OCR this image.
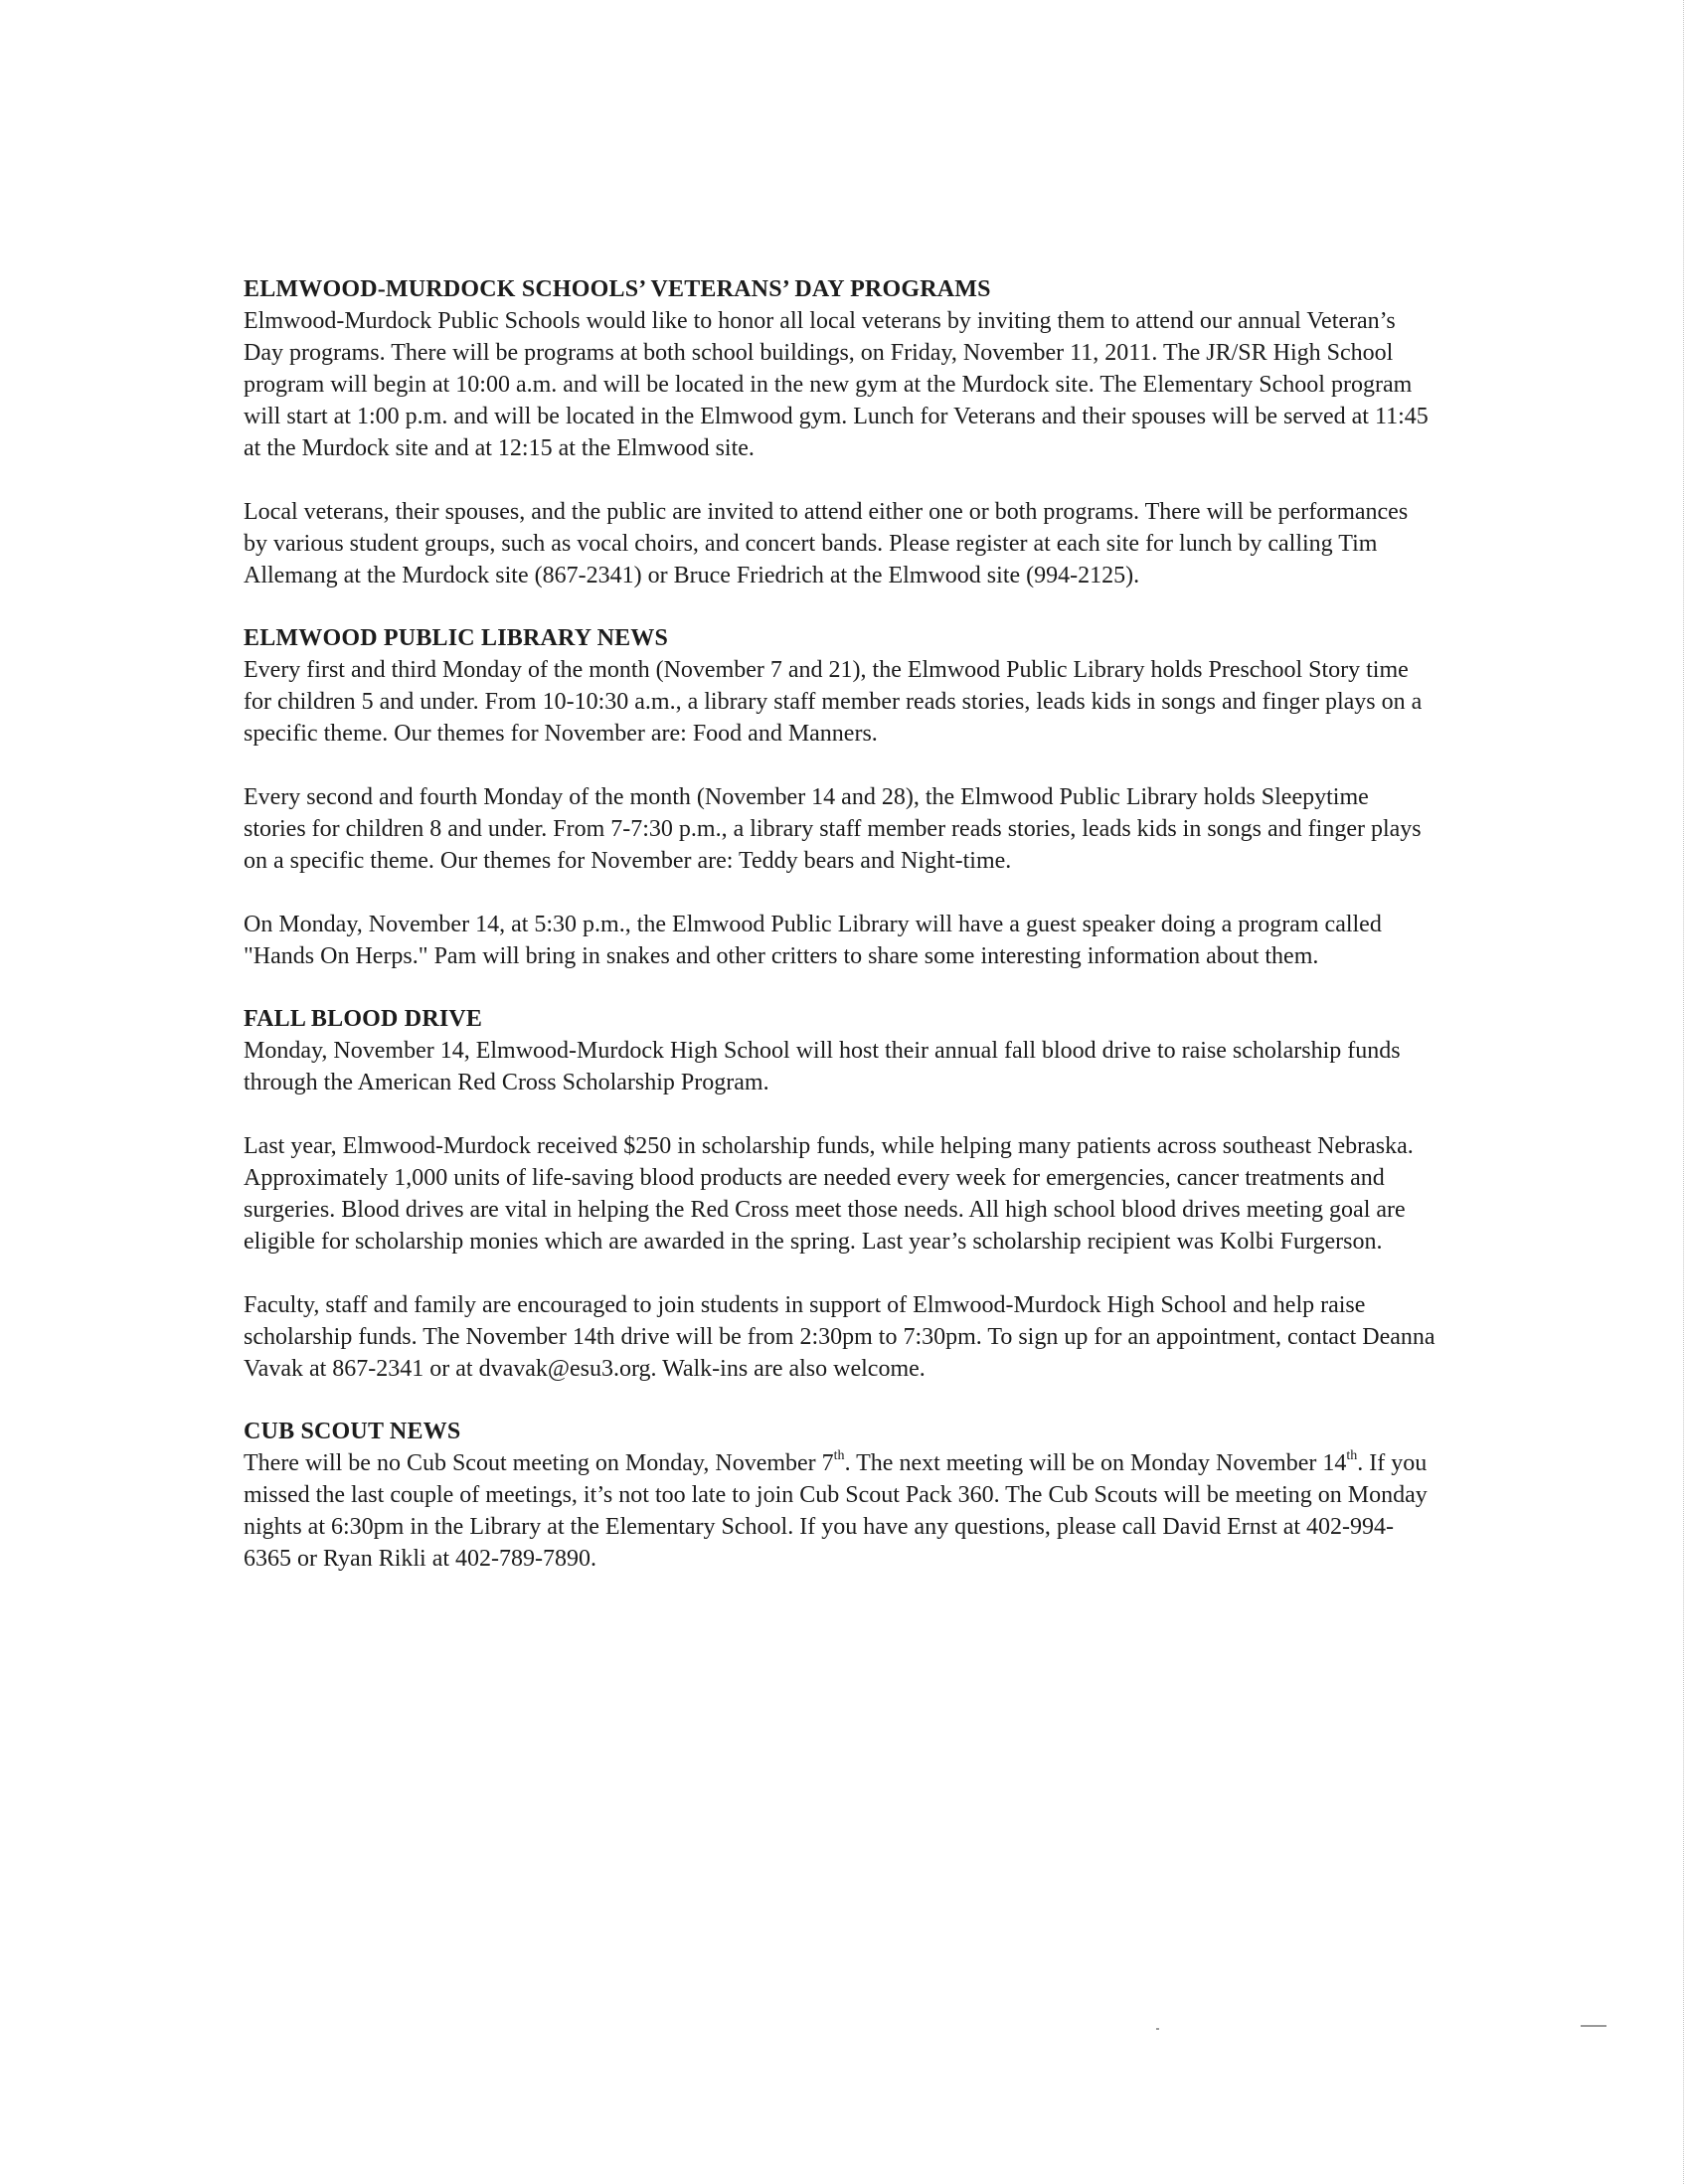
ELMWOOD-MURDOCK SCHOOLS’ VETERANS’ DAY PROGRAMS

Elmwood-Murdock Public Schools would like to honor all local veterans by inviting them to attend our annual Veteran’s Day programs. There will be programs at both school buildings, on Friday, November 11, 2011. The JR/SR High School program will begin at 10:00 a.m. and will be located in the new gym at the Murdock site. The Elementary School program will start at 1:00 p.m. and will be located in the Elmwood gym. Lunch for Veterans and their spouses will be served at 11:45 at the Murdock site and at 12:15 at the Elmwood site.

Local veterans, their spouses, and the public are invited to attend either one or both programs. There will be performances by various student groups, such as vocal choirs, and concert bands. Please register at each site for lunch by calling Tim Allemang at the Murdock site (867-2341) or Bruce Friedrich at the Elmwood site (994-2125).

ELMWOOD PUBLIC LIBRARY NEWS

Every first and third Monday of the month (November 7 and 21), the Elmwood Public Library holds Preschool Story time for children 5 and under. From 10-10:30 a.m., a library staff member reads stories, leads kids in songs and finger plays on a specific theme. Our themes for November are: Food and Manners.

Every second and fourth Monday of the month (November 14 and 28), the Elmwood Public Library holds Sleepytime stories for children 8 and under. From 7-7:30 p.m., a library staff member reads stories, leads kids in songs and finger plays on a specific theme. Our themes for November are: Teddy bears and Night-time.

On Monday, November 14, at 5:30 p.m., the Elmwood Public Library will have a guest speaker doing a program called "Hands On Herps." Pam will bring in snakes and other critters to share some interesting information about them.

FALL BLOOD DRIVE

Monday, November 14, Elmwood-Murdock High School will host their annual fall blood drive to raise scholarship funds through the American Red Cross Scholarship Program.

Last year, Elmwood-Murdock received $250 in scholarship funds, while helping many patients across southeast Nebraska. Approximately 1,000 units of life-saving blood products are needed every week for emergencies, cancer treatments and surgeries. Blood drives are vital in helping the Red Cross meet those needs. All high school blood drives meeting goal are eligible for scholarship monies which are awarded in the spring. Last year’s scholarship recipient was Kolbi Furgerson.

Faculty, staff and family are encouraged to join students in support of Elmwood-Murdock High School and help raise scholarship funds. The November 14th drive will be from 2:30pm to 7:30pm. To sign up for an appointment, contact Deanna Vavak at 867-2341 or at dvavak@esu3.org. Walk-ins are also welcome.

CUB SCOUT NEWS

There will be no Cub Scout meeting on Monday, November 7th. The next meeting will be on Monday November 14th. If you missed the last couple of meetings, it’s not too late to join Cub Scout Pack 360. The Cub Scouts will be meeting on Monday nights at 6:30pm in the Library at the Elementary School. If you have any questions, please call David Ernst at 402-994-6365 or Ryan Rikli at 402-789-7890.
